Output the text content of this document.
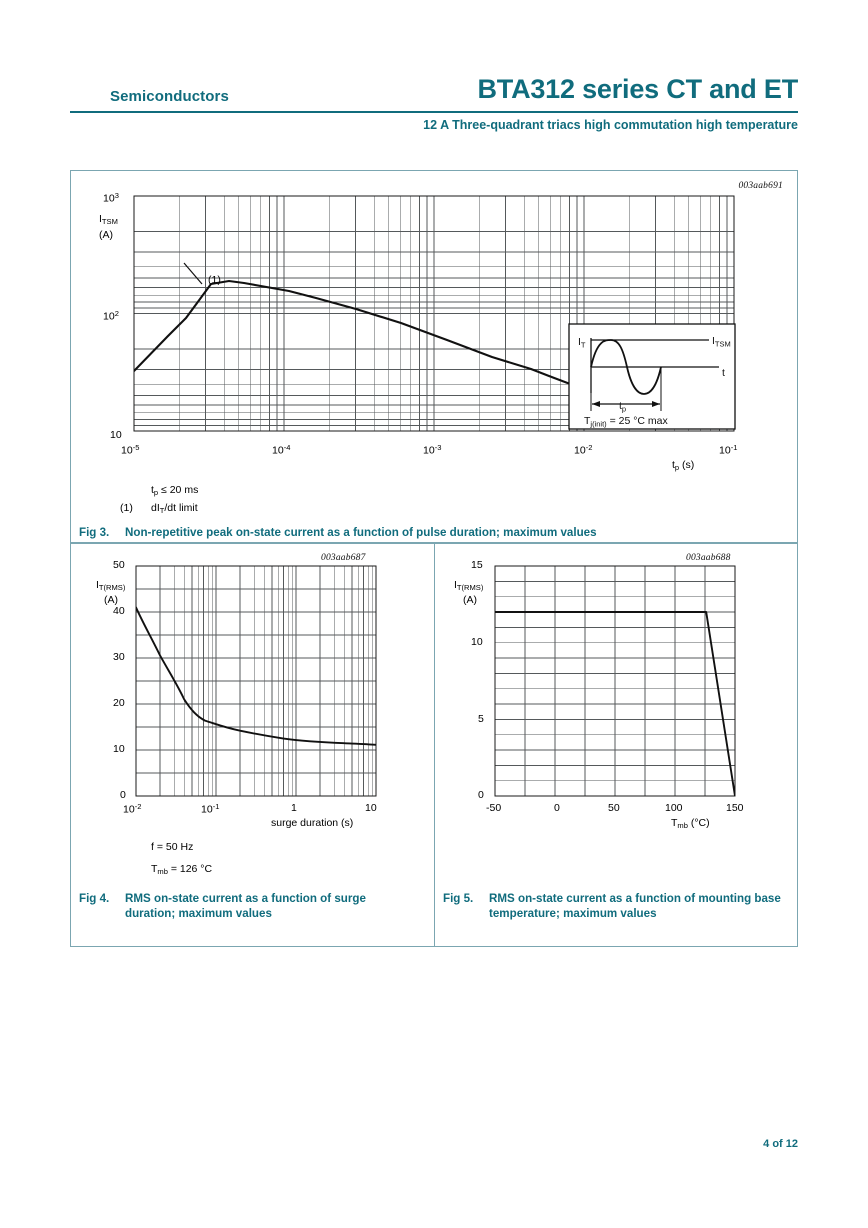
Semiconductors	BTA312 series CT and ET
12 A Three-quadrant triacs high commutation high temperature
003aab691
$10^3$
$I_{TSM}$
(A)
$10^2$
10
$10^{-5}$	$10^{-4}$	$10^{-3}$	$10^{-2}$	$10^{-1}$
$t_p$ (s)
$I_T$	$I_{TSM}$
t
$t_p$
$T_{j(init)} = 25$ °C max
(1)
$t_p \le 20$ ms
(1) $dI_T/dt$ limit
Fig 3. Non-repetitive peak on-state current as a function of pulse duration; maximum values
003aab687
50
$I_{T(RMS)}$
(A)
40
30
20
10
0
$10^{-2}$	$10^{-1}$	1	10
surge duration (s)
f = 50 Hz
$T_{mb} = 126$ °C
Fig 4. RMS on-state current as a function of surge duration; maximum values
003aab688
15
$I_{T(RMS)}$
(A)
10
5
0
-50	0	50	100	150
$T_{mb}$ (°C)
Fig 5. RMS on-state current as a function of mounting base temperature; maximum values
4 of 12
